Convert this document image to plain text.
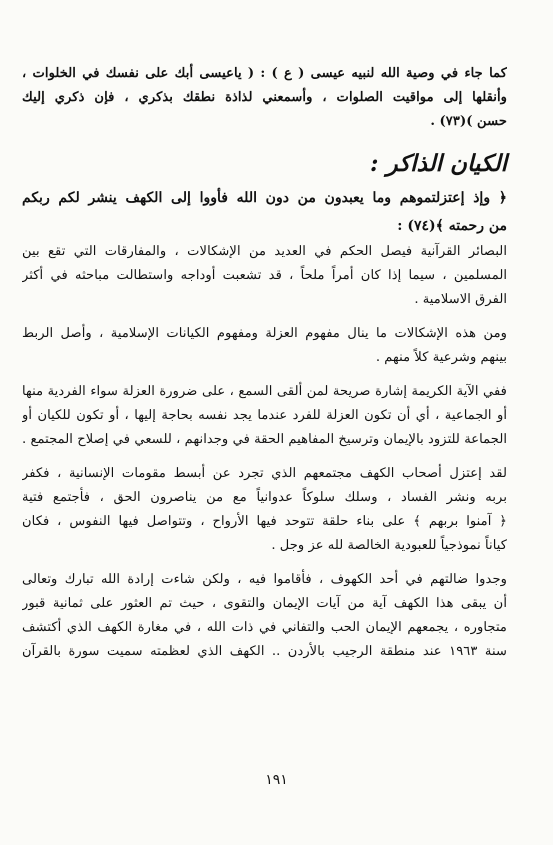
كما جاء في وصية الله لنبيه عيسى ( ع ) : ( ياعيسى أبك على نفسك في الخلوات ،
وأنقلها إلى مواقيت الصلوات ، وأسمعني لذاذة نطقك بذكري ، فإن ذكري إليك
حسن )(٧٣) .
الكيان الذاكر :
﴿ وإذ إعتزلتموهم وما يعبدون من دون الله فأووا إلى الكهف ينشر لكم ربكم
من رحمته ﴾(٧٤) :
البصائر القرآنية فيصل الحكم في العديد من الإشكالات ، والمفارقات التي تقع بين
المسلمين ، سيما إذا كان أمراً ملحاً ، قد تشعبت أوداجه واستطالت مباحثه في أكثر
الفرق الاسلامية .
ومن هذه الإشكالات ما ينال مفهوم العزلة ومفهوم الكيانات الإسلامية ، وأصل الربط
بينهم وشرعية كلاً منهم .
ففي الآية الكريمة إشارة صريحة لمن ألقى السمع ، على ضرورة العزلة سواء الفردية منها
أو الجماعية ، أي أن تكون العزلة للفرد عندما يجد نفسه بحاجة إليها ، أو تكون للكيان أو
الجماعة للتزود بالإيمان وترسيخ المفاهيم الحقة في وجدانهم ، للسعي في إصلاح المجتمع .
لقد إعتزل أصحاب الكهف مجتمعهم الذي تجرد عن أبسط مقومات الإنسانية ، فكفر
بربه ونشر الفساد ، وسلك سلوكاً عدوانياً مع من يناصرون الحق ، فأجتمع فتية
﴿ آمنوا بربهم ﴾ على بناء حلقة تتوحد فيها الأرواح ، وتتواصل فيها النفوس ، فكان
كياناً نموذجياً للعبودية الخالصة لله عز وجل .
وجدوا ضالتهم في أحد الكهوف ، فأقاموا فيه ، ولكن شاءت إرادة الله تبارك وتعالى
أن يبقى هذا الكهف آية من آيات الإيمان والتقوى ، حيث تم العثور على ثمانية قبور
متجاوره ، يجمعهم الإيمان الحب والتفاني في ذات الله ، في مغارة الكهف الذي أكتشف
سنة ١٩٦٣ عند منطقة الرجيب بالأردن .. الكهف الذي لعظمته سميت سورة بالقرآن
١٩١
